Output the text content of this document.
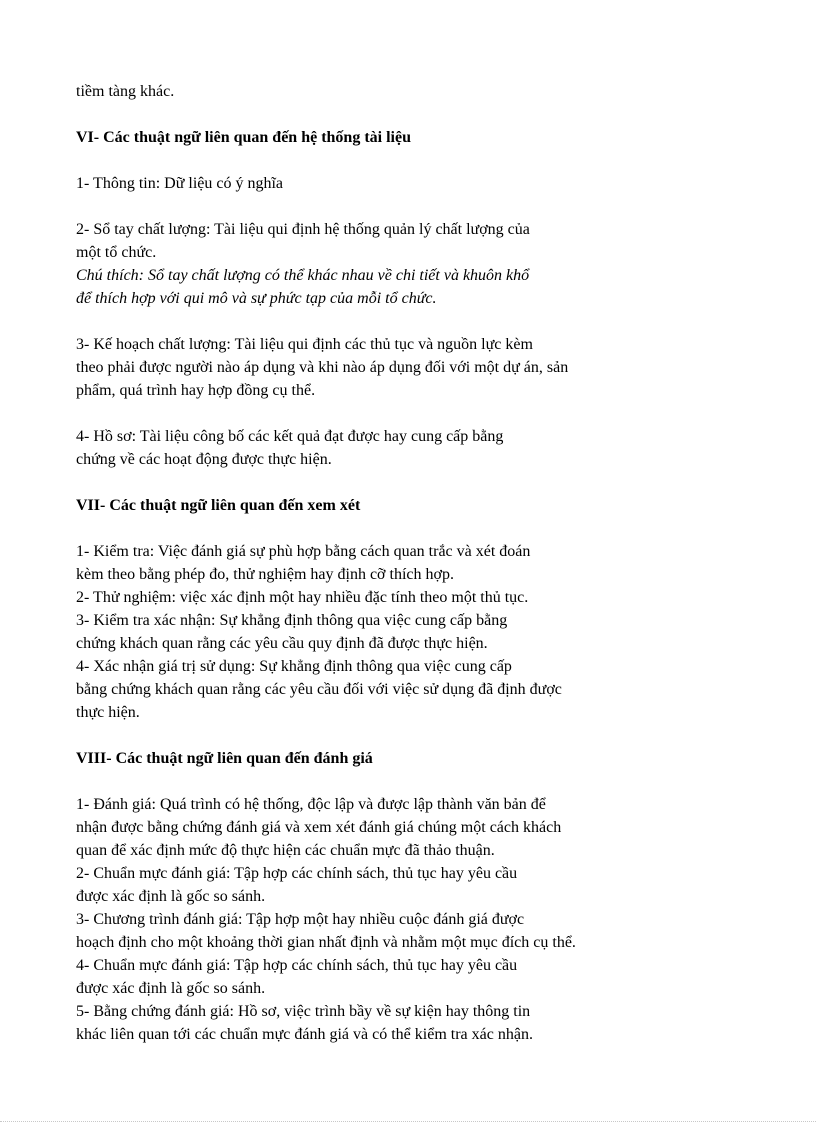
tiềm tàng khác.

VI- Các thuật ngữ liên quan đến hệ thống tài liệu

1- Thông tin: Dữ liệu có ý nghĩa

2- Sổ tay chất lượng: Tài liệu qui định hệ thống quản lý chất lượng của

một tổ chức.

Chú thích: Sổ tay chất lượng có thể khác nhau về chi tiết và khuôn khổ

để thích hợp với qui mô và sự phức tạp của mỗi tổ chức.

3- Kế hoạch chất lượng: Tài liệu qui định các thủ tục và nguồn lực kèm

theo phải được người nào áp dụng và khi nào áp dụng đối với một dự án, sản

phẩm, quá trình hay hợp đồng cụ thể.

4- Hồ sơ: Tài liệu công bố các kết quả đạt được hay cung cấp bằng

chứng về các hoạt động được thực hiện.

VII- Các thuật ngữ liên quan đến xem xét

1- Kiểm tra: Việc đánh giá sự phù hợp bằng cách quan trắc và xét đoán

kèm theo bằng phép đo, thử nghiệm hay định cỡ thích hợp.

2- Thử nghiệm: việc xác định một hay nhiều đặc tính theo một thủ tục.

3- Kiểm tra xác nhận: Sự khẳng định thông qua việc cung cấp bằng

chứng khách quan rằng các yêu cầu quy định đã được thực hiện.

4- Xác nhận giá trị sử dụng: Sự khẳng định thông qua việc cung cấp

bằng chứng khách quan rằng các yêu cầu đối với việc sử dụng đã định được

thực hiện.

VIII- Các thuật ngữ liên quan đến đánh giá

1- Đánh giá: Quá trình có hệ thống, độc lập và được lập thành văn bản để

nhận được bằng chứng đánh giá và xem xét đánh giá chúng một cách khách

quan để xác định mức độ thực hiện các chuẩn mực đã thảo thuận.

2- Chuẩn mực đánh giá: Tập hợp các chính sách, thủ tục hay yêu cầu

được xác định là gốc so sánh.

3- Chương trình đánh giá: Tập hợp một hay nhiều cuộc đánh giá được

hoạch định cho một khoảng thời gian nhất định và nhằm một mục đích cụ thể.

4- Chuẩn mực đánh giá: Tập hợp các chính sách, thủ tục hay yêu cầu

được xác định là gốc so sánh.

5- Bằng chứng đánh giá: Hồ sơ, việc trình bầy về sự kiện hay thông tin

khác liên quan tới các chuẩn mực đánh giá và có thể kiểm tra xác nhận.
